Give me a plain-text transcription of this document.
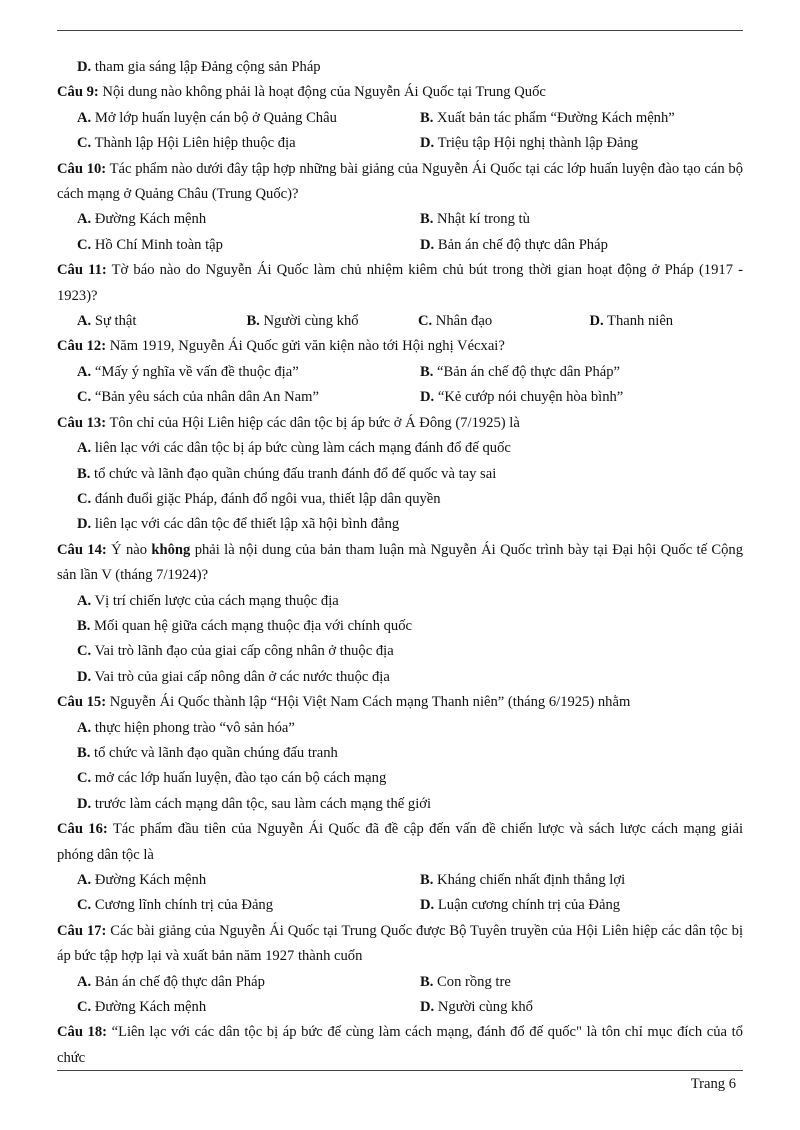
D. tham gia sáng lập Đảng cộng sản Pháp
Câu 9: Nội dung nào không phải là hoạt động của Nguyễn Ái Quốc tại Trung Quốc
A. Mở lớp huấn luyện cán bộ ở Quảng Châu	B. Xuất bản tác phẩm “Đường Kách mệnh”
C. Thành lập Hội Liên hiệp thuộc địa	D. Triệu tập Hội nghị thành lập Đảng
Câu 10: Tác phẩm nào dưới đây tập hợp những bài giảng của Nguyễn Ái Quốc tại các lớp huấn luyện đào tạo cán bộ cách mạng ở Quảng Châu (Trung Quốc)?
A. Đường Kách mệnh	B. Nhật kí trong tù
C. Hồ Chí Minh toàn tập	D. Bản án chế độ thực dân Pháp
Câu 11: Tờ báo nào do Nguyễn Ái Quốc làm chủ nhiệm kiêm chủ bút trong thời gian hoạt động ở Pháp (1917 - 1923)?
A. Sự thật	B. Người cùng khổ	C. Nhân đạo	D. Thanh niên
Câu 12: Năm 1919, Nguyễn Ái Quốc gửi văn kiện nào tới Hội nghị Vécxai?
A. “Mấy ý nghĩa về vấn đề thuộc địa”	B. “Bản án chế độ thực dân Pháp”
C. “Bản yêu sách của nhân dân An Nam”	D. “Kẻ cướp nói chuyện hòa bình”
Câu 13: Tôn chỉ của Hội Liên hiệp các dân tộc bị áp bức ở Á Đông (7/1925) là
A. liên lạc với các dân tộc bị áp bức cùng làm cách mạng đánh đổ đế quốc
B. tổ chức và lãnh đạo quần chúng đấu tranh đánh đổ đế quốc và tay sai
C. đánh đuổi giặc Pháp, đánh đổ ngôi vua, thiết lập dân quyền
D. liên lạc với các dân tộc để thiết lập xã hội bình đẳng
Câu 14: Ý nào không phải là nội dung của bản tham luận mà Nguyễn Ái Quốc trình bày tại Đại hội Quốc tế Cộng sản lần V (tháng 7/1924)?
A. Vị trí chiến lược của cách mạng thuộc địa
B. Mối quan hệ giữa cách mạng thuộc địa với chính quốc
C. Vai trò lãnh đạo của giai cấp công nhân ở thuộc địa
D. Vai trò của giai cấp nông dân ở các nước thuộc địa
Câu 15: Nguyễn Ái Quốc thành lập “Hội Việt Nam Cách mạng Thanh niên” (tháng 6/1925) nhằm
A. thực hiện phong trào “vô sản hóa”
B. tổ chức và lãnh đạo quần chúng đấu tranh
C. mở các lớp huấn luyện, đào tạo cán bộ cách mạng
D. trước làm cách mạng dân tộc, sau làm cách mạng thế giới
Câu 16: Tác phẩm đầu tiên của Nguyễn Ái Quốc đã đề cập đến vấn đề chiến lược và sách lược cách mạng giải phóng dân tộc là
A. Đường Kách mệnh	B. Kháng chiến nhất định thắng lợi
C. Cương lĩnh chính trị của Đảng	D. Luận cương chính trị của Đảng
Câu 17: Các bài giảng của Nguyễn Ái Quốc tại Trung Quốc được Bộ Tuyên truyền của Hội Liên hiệp các dân tộc bị áp bức tập hợp lại và xuất bản năm 1927 thành cuốn
A. Bản án chế độ thực dân Pháp	B. Con rồng tre
C. Đường Kách mệnh	D. Người cùng khổ
Câu 18: “Liên lạc với các dân tộc bị áp bức để cùng làm cách mạng, đánh đổ đế quốc" là tôn chỉ mục đích của tổ chức
Trang 6
